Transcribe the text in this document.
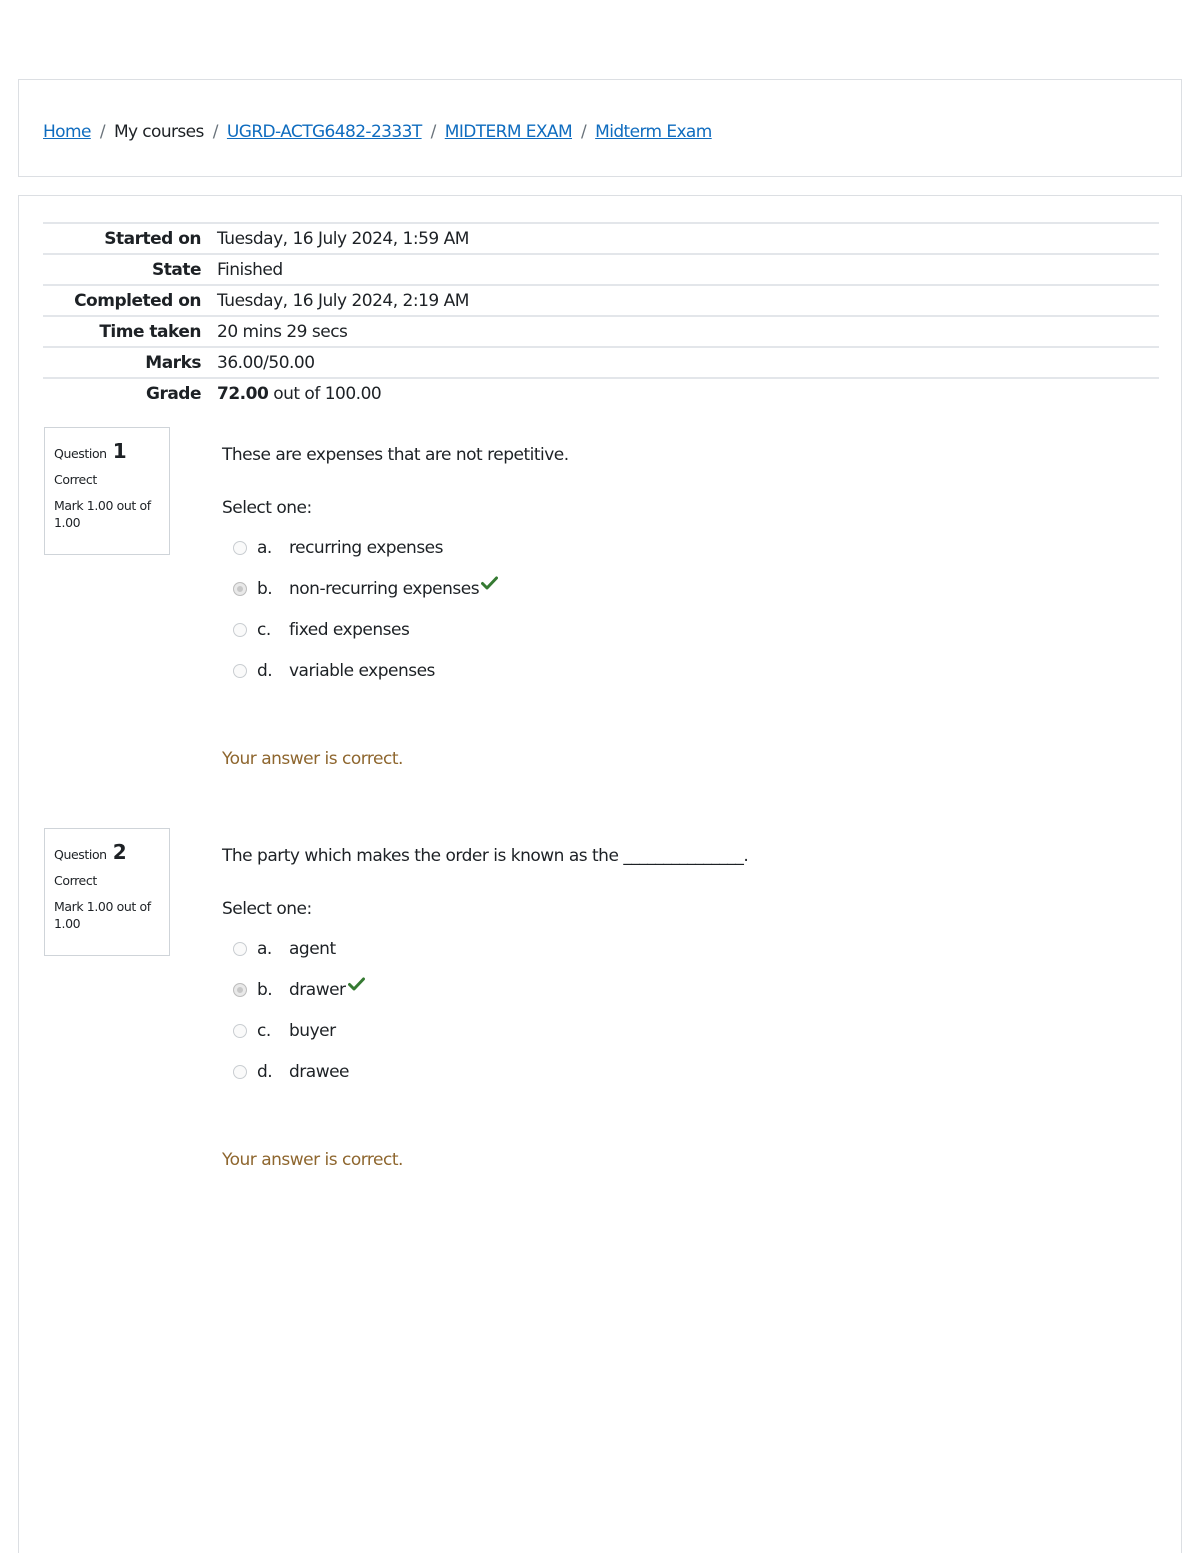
Home / My courses / UGRD-ACTG6482-2333T / MIDTERM EXAM / Midterm Exam
Started on	Tuesday, 16 July 2024, 1:59 AM
State	Finished
Completed on	Tuesday, 16 July 2024, 2:19 AM
Time taken	20 mins 29 secs
Marks	36.00/50.00
Grade	72.00 out of 100.00
Question 1
Correct
Mark 1.00 out of 1.00
These are expenses that are not repetitive.
Select one:
a.	recurring expenses
b. non-recurring expenses
c.	fixed expenses
d. variable expenses
Your answer is correct.
Question 2
Correct
Mark 1.00 out of 1.00
The party which makes the order is known as the _______________.
Select one:
a.	agent
b. drawer
c.	buyer
d. drawee
Your answer is correct.
